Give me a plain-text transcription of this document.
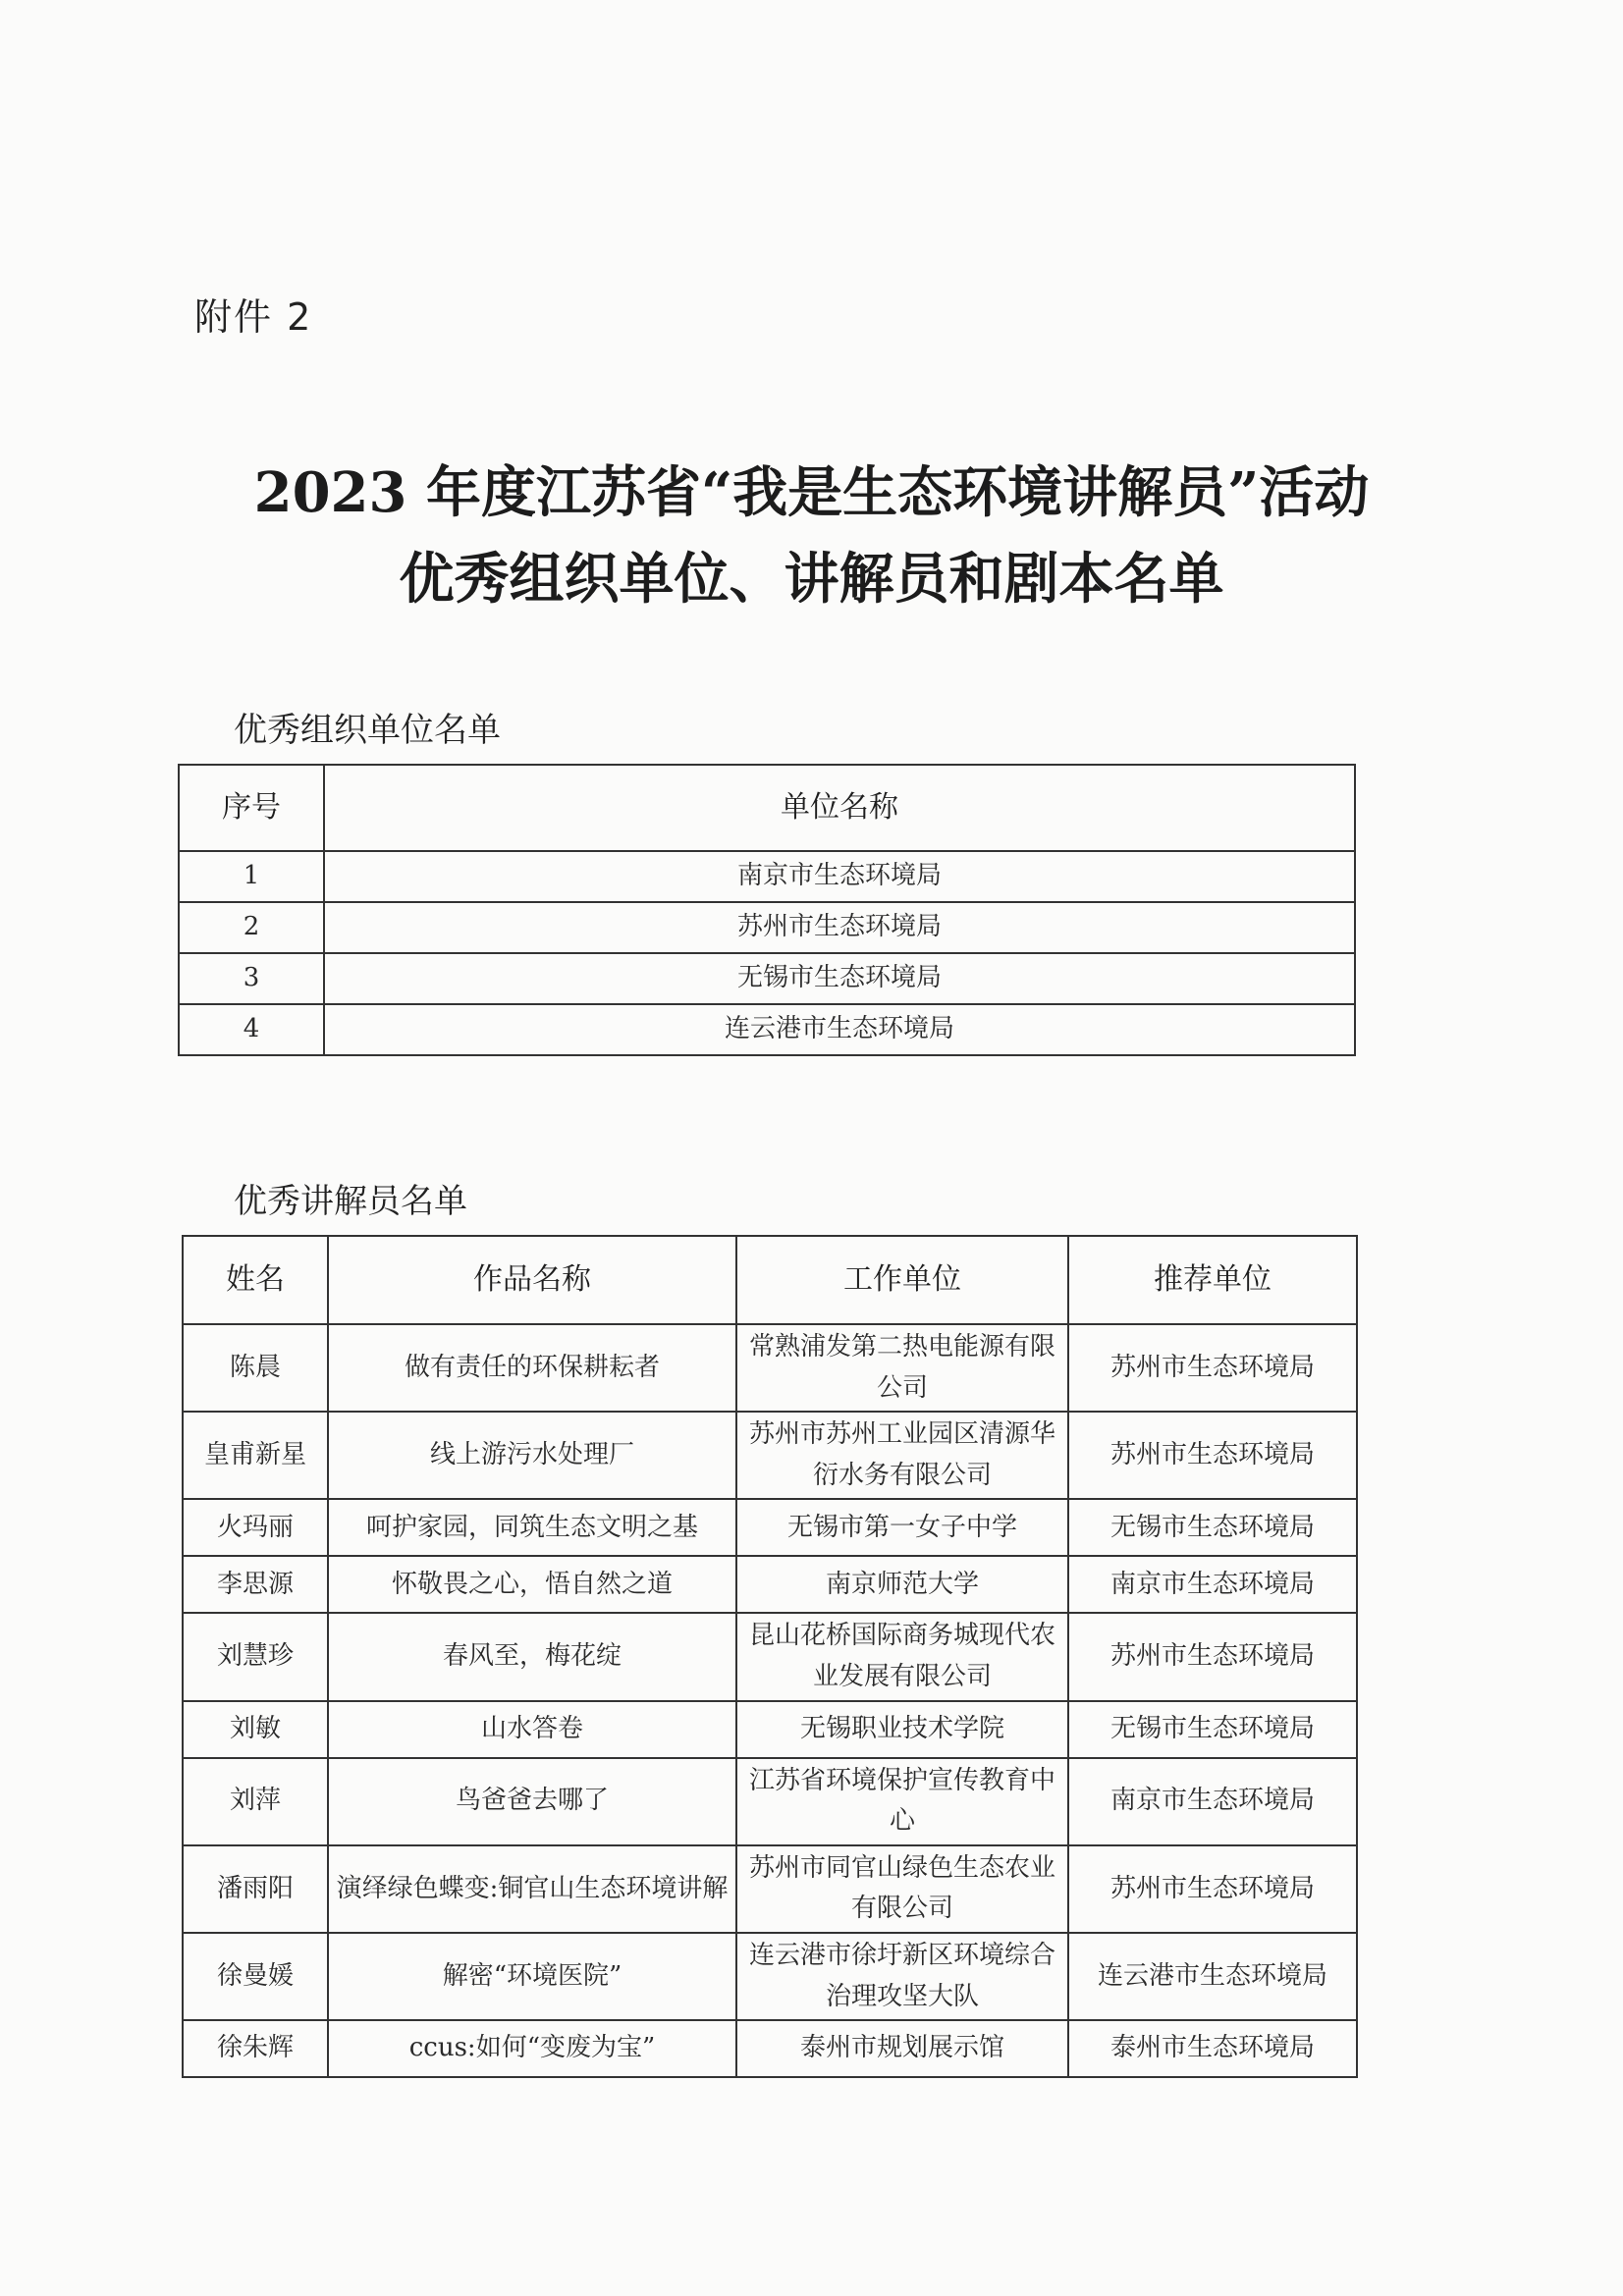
附件 2
2023 年度江苏省“我是生态环境讲解员”活动
优秀组织单位、讲解员和剧本名单
优秀组织单位名单
序号	单位名称
1	南京市生态环境局
2	苏州市生态环境局
3	无锡市生态环境局
4	连云港市生态环境局
优秀讲解员名单
姓名	作品名称	工作单位	推荐单位
陈晨	做有责任的环保耕耘者	常熟浦发第二热电能源有限公司	苏州市生态环境局
皇甫新星	线上游污水处理厂	苏州市苏州工业园区清源华衍水务有限公司	苏州市生态环境局
火玛丽	呵护家园，同筑生态文明之基	无锡市第一女子中学	无锡市生态环境局
李思源	怀敬畏之心，悟自然之道	南京师范大学	南京市生态环境局
刘慧珍	春风至，梅花绽	昆山花桥国际商务城现代农业发展有限公司	苏州市生态环境局
刘敏	山水答卷	无锡职业技术学院	无锡市生态环境局
刘萍	鸟爸爸去哪了	江苏省环境保护宣传教育中心	南京市生态环境局
潘雨阳	演绎绿色蝶变:铜官山生态环境讲解	苏州市同官山绿色生态农业有限公司	苏州市生态环境局
徐曼媛	解密“环境医院”	连云港市徐圩新区环境综合治理攻坚大队	连云港市生态环境局
徐朱辉	ccus:如何“变废为宝”	泰州市规划展示馆	泰州市生态环境局
